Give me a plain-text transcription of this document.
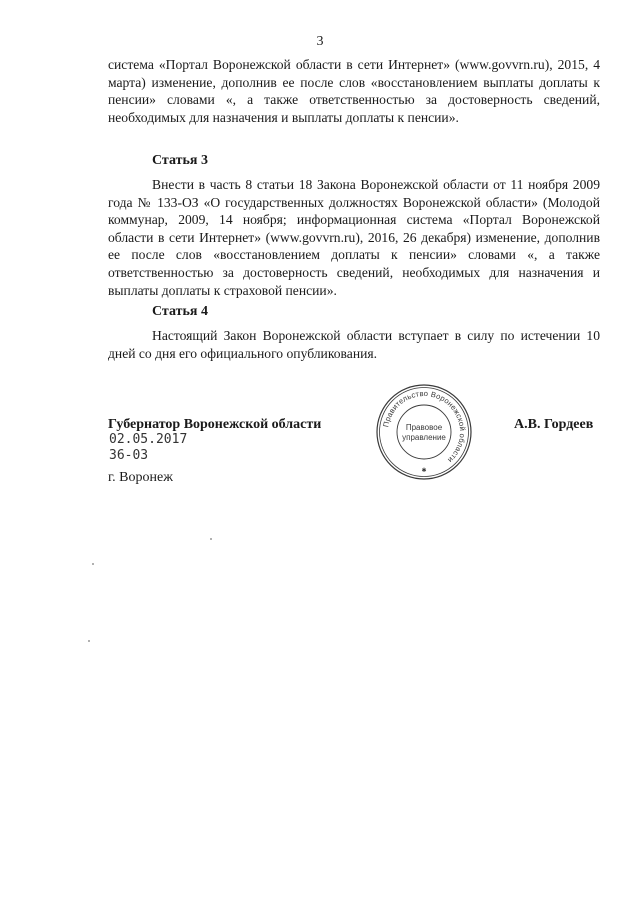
3

система «Портал Воронежской области в сети Интернет» (www.govvrn.ru), 2015, 4 марта) изменение, дополнив ее после слов «восстановлением выплаты доплаты к пенсии» словами «, а также ответственностью за достоверность сведений, необходимых для назначения и выплаты доплаты к пенсии».

Статья 3

Внести в часть 8 статьи 18 Закона Воронежской области от 11 ноября 2009 года № 133-ОЗ «О государственных должностях Воронежской области» (Молодой коммунар, 2009, 14 ноября; информационная система «Портал Воронежской области в сети Интернет» (www.govvrn.ru), 2016, 26 декабря) изменение, дополнив ее после слов «восстановлением доплаты к пенсии» словами «, а также ответственностью за достоверность сведений, необходимых для назначения и выплаты доплаты к страховой пенсии».

Статья 4

Настоящий Закон Воронежской области вступает в силу по истечении 10 дней со дня его официального опубликования.

Губернатор Воронежской области	Правительство Воронежской области
Правовое
управление
✱
А.В. Гордеев
02.05.2017
36-03
г. Воронеж
